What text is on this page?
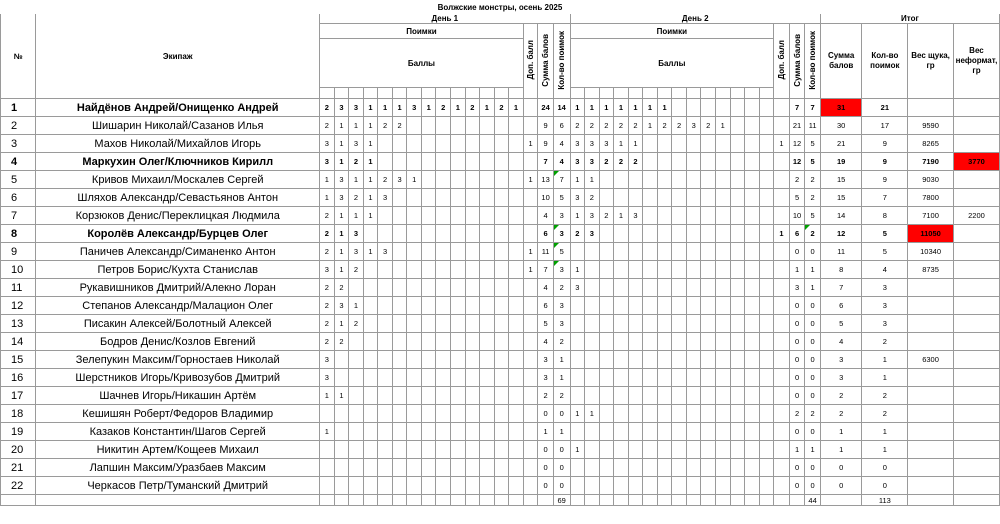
Волжские монстры, осень 2025																																							
№	Экипаж	День 1																	День 2																	Итог			
		Поимки														Доп. балл	Сумма балов	Кол-во поимок	Поимки														Доп. балл	Сумма балов	Кол-во поимок	Сумма балов	Кол-во поимок	Вес щука, гр	Вес неформат, гр
		Баллы																	Баллы																				

1	Найдёнов Андрей/Онищенко Андрей	2	3	3	1	1	1	3	1	2	1	2	1	2	1		24	14	1	1	1	1	1	1	1									7	7	31	21		
2	Шишарин Николай/Сазанов Илья	2	1	1	1	2	2										9	6	2	2	2	2	2	1	2	2	3	2	1					21	11	30	17	9590	
3	Махов Николай/Михайлов Игорь	3	1	3	1											1	9	4	3	3	3	1	1										1	12	5	21	9	8265	
4	Маркухин Олег/Ключников Кирилл	3	1	2	1												7	4	3	3	2	2	2											12	5	19	9	7190	3770
5	Кривов Михаил/Москалев Сергей	1	3	1	1	2	3	1								1	13	7	1	1														2	2	15	9	9030	
6	Шляхов Александр/Севастьянов Антон	1	3	2	1	3											10	5	3	2														5	2	15	7	7800	
7	Корзюков Денис/Переклицкая Людмила	2	1	1	1												4	3	1	3	2	1	3											10	5	14	8	7100	2200
8	Королёв Александр/Бурцев Олег	2	1	3													6	3	2	3													1	6	2	12	5	11050	
9	Паничев Александр/Симаненко Антон	2	1	3	1	3										1	11	5																0	0	11	5	10340	
10	Петров Борис/Кухта Станислав	3	1	2												1	7	3	1															1	1	8	4	8735	
11	Рукавишников Дмитрий/Алекно Лоран	2	2														4	2	3															3	1	7	3		
12	Степанов Александр/Малацион Олег	2	3	1													6	3																0	0	6	3		
13	Писакин Алексей/Болотный Алексей	2	1	2													5	3																0	0	5	3		
14	Бодров Денис/Козлов Евгений	2	2														4	2																0	0	4	2		
15	Зелепукин Максим/Горностаев Николай	3															3	1																0	0	3	1	6300	
16	Шерстников Игорь/Кривозубов Дмитрий	3															3	1																0	0	3	1		
17	Шачнев Игорь/Никашин Артём	1	1														2	2																0	0	2	2		
18	Кешишян Роберт/Федоров Владимир																0	0	1	1														2	2	2	2		
19	Казаков Константин/Шагов Сергей	1															1	1																0	0	1	1		
20	Никитин Артем/Кощеев Михаил																0	0	1															1	1	1	1		
21	Лапшин Максим/Уразбаев Максим																0	0																0	0	0	0		
22	Черкасов Петр/Туманский Дмитрий																0	0																0	0	0	0		
																		69																	44		113		
